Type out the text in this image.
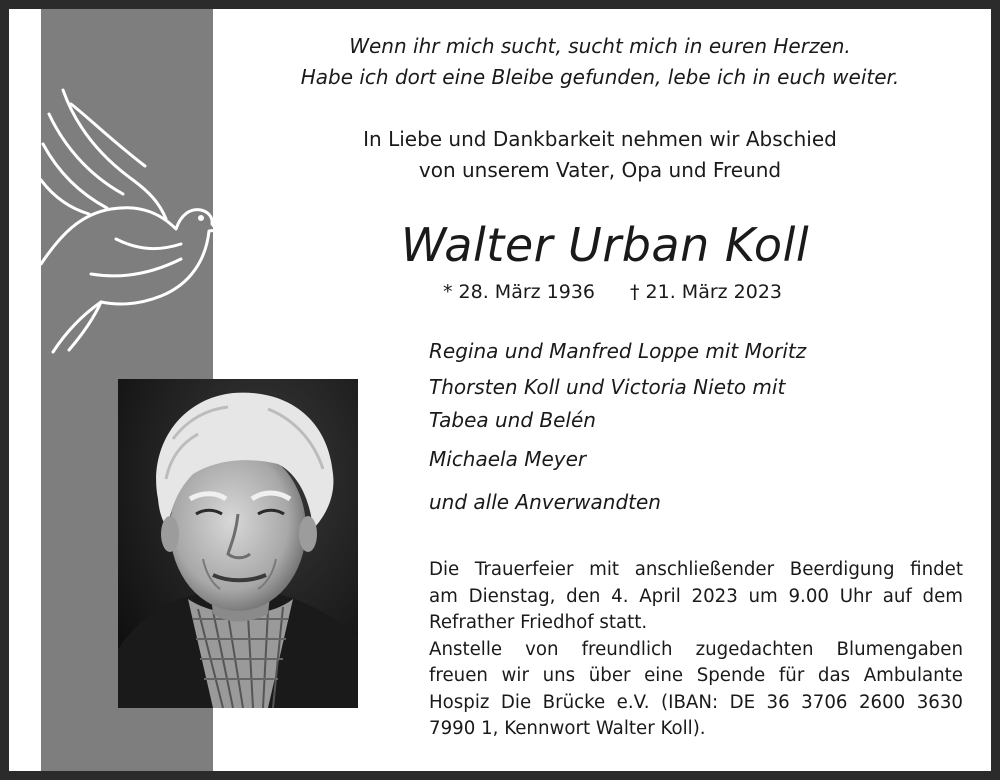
Wenn ihr mich sucht, sucht mich in euren Herzen.

Habe ich dort eine Bleibe gefunden, lebe ich in euch weiter.

In Liebe und Dankbarkeit nehmen wir Abschied

von unserem Vater, Opa und Freund

Walter Urban Koll
* 28. März 1936 † 21. März 2023

Regina und Manfred Loppe mit Moritz

Thorsten Koll und Victoria Nieto mit

Tabea und Belén

Michaela Meyer

und alle Anverwandten

Die Trauerfeier mit anschließender Beerdigung findet
am Dienstag, den 4. April 2023 um 9.00 Uhr auf dem
Refrather Friedhof statt.
Anstelle von freundlich zugedachten Blumengaben
freuen wir uns über eine Spende für das Ambulante
Hospiz Die Brücke e.V. (IBAN: DE 36 3706 2600 3630
7990 1, Kennwort Walter Koll).
